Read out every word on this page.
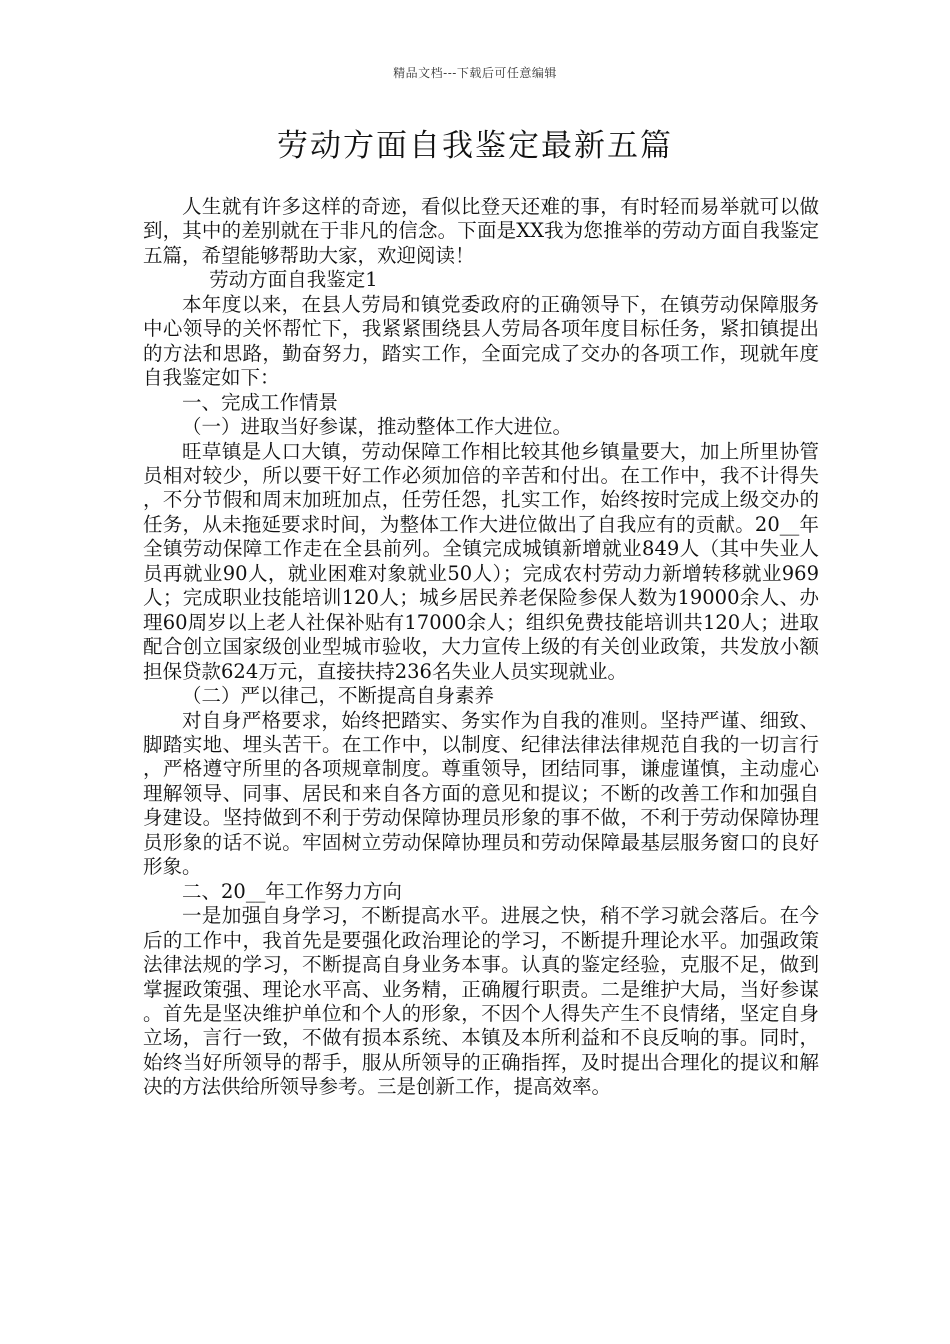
精品文档---下载后可任意编辑
劳动方面自我鉴定最新五篇

人生就有许多这样的奇迹，看似比登天还难的事，有时轻而易举就可以做到，其中的差别就在于非凡的信念。下面是XX我为您推举的劳动方面自我鉴定五篇，希望能够帮助大家，欢迎阅读！

劳动方面自我鉴定1

本年度以来，在县人劳局和镇党委政府的正确领导下，在镇劳动保障服务中心领导的关怀帮忙下，我紧紧围绕县人劳局各项年度目标任务，紧扣镇提出的方法和思路，勤奋努力，踏实工作，全面完成了交办的各项工作，现就年度自我鉴定如下：

一、完成工作情景

（一）进取当好参谋，推动整体工作大进位。

旺草镇是人口大镇，劳动保障工作相比较其他乡镇量要大，加上所里协管员相对较少，所以要干好工作必须加倍的辛苦和付出。在工作中，我不计得失，不分节假和周末加班加点，任劳任怨，扎实工作，始终按时完成上级交办的任务，从未拖延要求时间，为整体工作大进位做出了自我应有的贡献。20__年全镇劳动保障工作走在全县前列。全镇完成城镇新增就业849人（其中失业人员再就业90人，就业困难对象就业50人）；完成农村劳动力新增转移就业969人；完成职业技能培训120人；城乡居民养老保险参保人数为19000余人、办理60周岁以上老人社保补贴有17000余人；组织免费技能培训共120人；进取配合创立国家级创业型城市验收，大力宣传上级的有关创业政策，共发放小额担保贷款624万元，直接扶持236名失业人员实现就业。

（二）严以律己，不断提高自身素养

对自身严格要求，始终把踏实、务实作为自我的准则。坚持严谨、细致、脚踏实地、埋头苦干。在工作中，以制度、纪律法律法律规范自我的一切言行，严格遵守所里的各项规章制度。尊重领导，团结同事，谦虚谨慎，主动虚心理解领导、同事、居民和来自各方面的意见和提议；不断的改善工作和加强自身建设。坚持做到不利于劳动保障协理员形象的事不做，不利于劳动保障协理员形象的话不说。牢固树立劳动保障协理员和劳动保障最基层服务窗口的良好形象。

二、20__年工作努力方向

一是加强自身学习，不断提高水平。进展之快，稍不学习就会落后。在今后的工作中，我首先是要强化政治理论的学习，不断提升理论水平。加强政策法律法规的学习，不断提高自身业务本事。认真的鉴定经验，克服不足，做到掌握政策强、理论水平高、业务精，正确履行职责。二是维护大局，当好参谋。首先是坚决维护单位和个人的形象，不因个人得失产生不良情绪，坚定自身立场，言行一致，不做有损本系统、本镇及本所利益和不良反响的事。同时，始终当好所领导的帮手，服从所领导的正确指挥，及时提出合理化的提议和解决的方法供给所领导参考。三是创新工作，提高效率。
